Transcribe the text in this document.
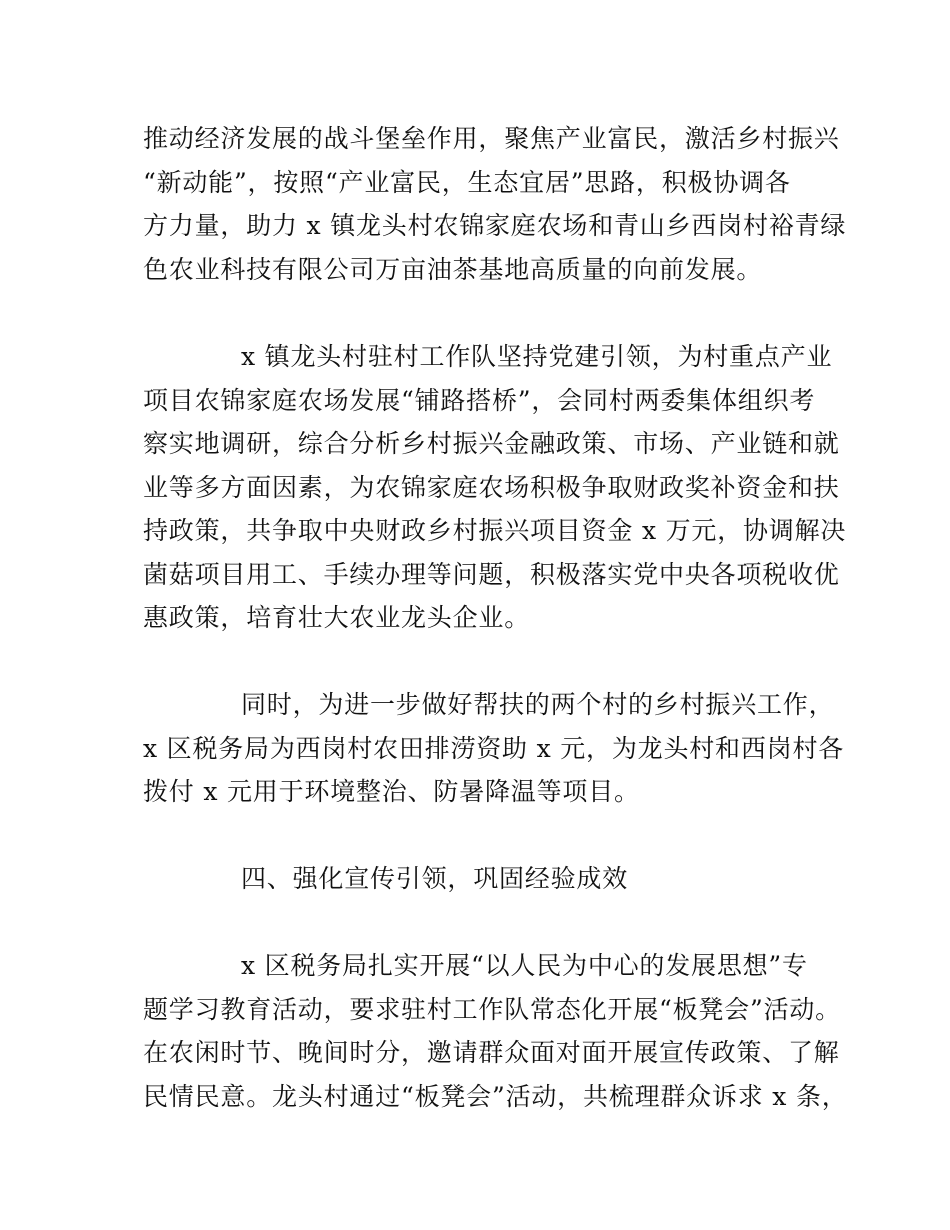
推动经济发展的战斗堡垒作用，聚焦产业富民，激活乡村振兴
“新动能”，按照“产业富民，生态宜居”思路，积极协调各
方力量，助力 x 镇龙头村农锦家庭农场和青山乡西岗村裕青绿
色农业科技有限公司万亩油茶基地高质量的向前发展。
x 镇龙头村驻村工作队坚持党建引领，为村重点产业
项目农锦家庭农场发展“铺路搭桥”，会同村两委集体组织考
察实地调研，综合分析乡村振兴金融政策、市场、产业链和就
业等多方面因素，为农锦家庭农场积极争取财政奖补资金和扶
持政策，共争取中央财政乡村振兴项目资金 x 万元，协调解决
菌菇项目用工、手续办理等问题，积极落实党中央各项税收优
惠政策，培育壮大农业龙头企业。
同时，为进一步做好帮扶的两个村的乡村振兴工作，
x 区税务局为西岗村农田排涝资助 x 元，为龙头村和西岗村各
拨付 x 元用于环境整治、防暑降温等项目。
四、强化宣传引领，巩固经验成效
x 区税务局扎实开展“以人民为中心的发展思想”专
题学习教育活动，要求驻村工作队常态化开展“板凳会”活动。
在农闲时节、晚间时分，邀请群众面对面开展宣传政策、了解
民情民意。龙头村通过“板凳会”活动，共梳理群众诉求 x 条，
